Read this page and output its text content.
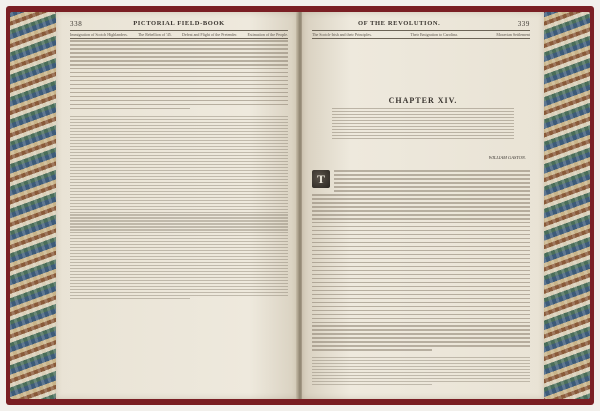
338	PICTORIAL FIELD-BOOK
Immigration of Scotch Highlanders.	The Rebellion of '45.	Defeat and Flight of the Pretender.	Estimation of the People.
OF THE REVOLUTION.	339
The Scotch-Irish and their Principles.	Their Emigration to Carolina.	Moravian Settlement
CHAPTER XIV.
WILLIAM GASTON.
T
